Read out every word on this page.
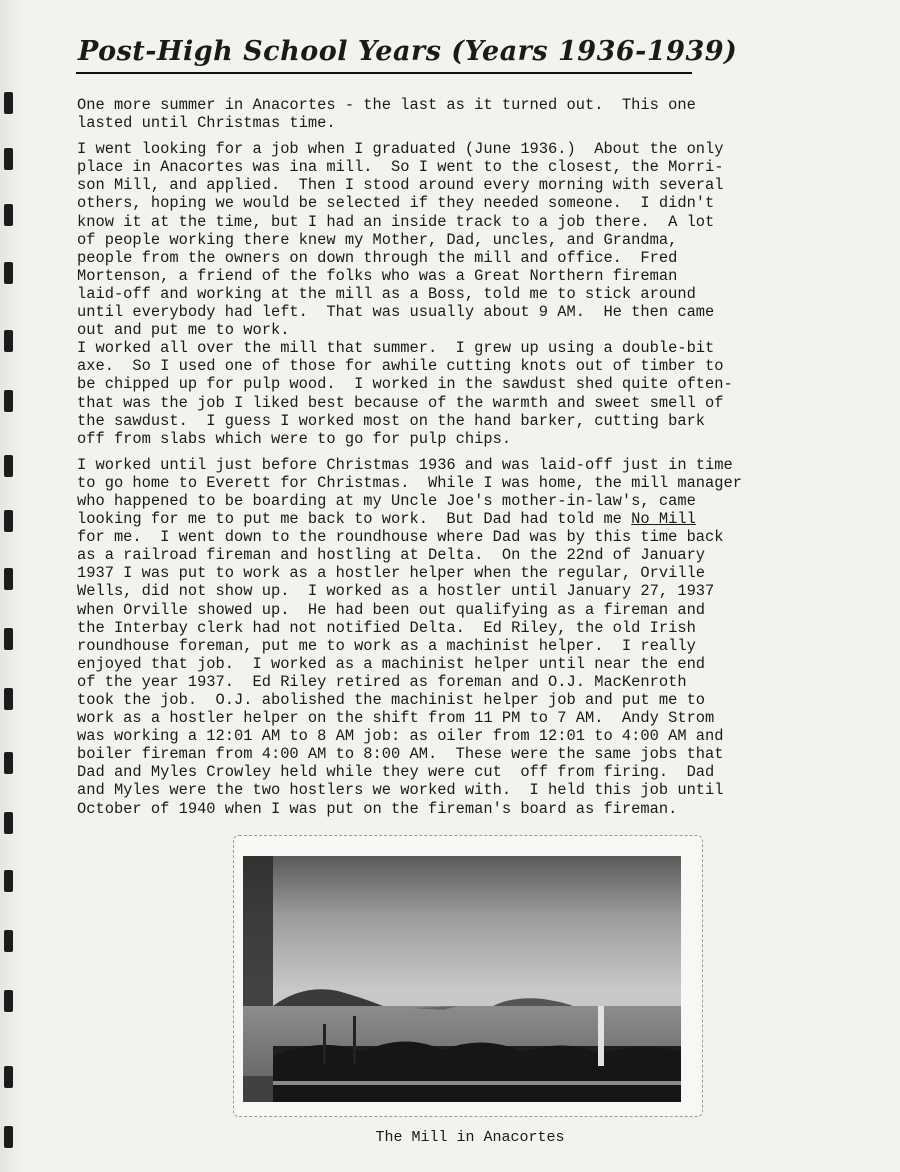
Post-High School Years (Years 1936-1939)

One more summer in Anacortes - the last as it turned out.  This one
lasted until Christmas time.

I went looking for a job when I graduated (June 1936.)  About the only
place in Anacortes was ina mill.  So I went to the closest, the Morri-
son Mill, and applied.  Then I stood around every morning with several
others, hoping we would be selected if they needed someone.  I didn't
know it at the time, but I had an inside track to a job there.  A lot
of people working there knew my Mother, Dad, uncles, and Grandma,
people from the owners on down through the mill and office.  Fred
Mortenson, a friend of the folks who was a Great Northern fireman
laid-off and working at the mill as a Boss, told me to stick around
until everybody had left.  That was usually about 9 AM.  He then came
out and put me to work.

I worked all over the mill that summer.  I grew up using a double-bit
axe.  So I used one of those for awhile cutting knots out of timber to
be chipped up for pulp wood.  I worked in the sawdust shed quite often-
that was the job I liked best because of the warmth and sweet smell of
the sawdust.  I guess I worked most on the hand barker, cutting bark
off from slabs which were to go for pulp chips.

I worked until just before Christmas 1936 and was laid-off just in time
to go home to Everett for Christmas.  While I was home, the mill manager
who happened to be boarding at my Uncle Joe's mother-in-law's, came
looking for me to put me back to work.  But Dad had told me No Mill
for me.  I went down to the roundhouse where Dad was by this time back
as a railroad fireman and hostling at Delta.  On the 22nd of January
1937 I was put to work as a hostler helper when the regular, Orville
Wells, did not show up.  I worked as a hostler until January 27, 1937
when Orville showed up.  He had been out qualifying as a fireman and
the Interbay clerk had not notified Delta.  Ed Riley, the old Irish
roundhouse foreman, put me to work as a machinist helper.  I really
enjoyed that job.  I worked as a machinist helper until near the end
of the year 1937.  Ed Riley retired as foreman and O.J. MacKenroth
took the job.  O.J. abolished the machinist helper job and put me to
work as a hostler helper on the shift from 11 PM to 7 AM.  Andy Strom
was working a 12:01 AM to 8 AM job: as oiler from 12:01 to 4:00 AM and
boiler fireman from 4:00 AM to 8:00 AM.  These were the same jobs that
Dad and Myles Crowley held while they were cut  off from firing.  Dad
and Myles were the two hostlers we worked with.  I held this job until
October of 1940 when I was put on the fireman's board as fireman.

The Mill in Anacortes
